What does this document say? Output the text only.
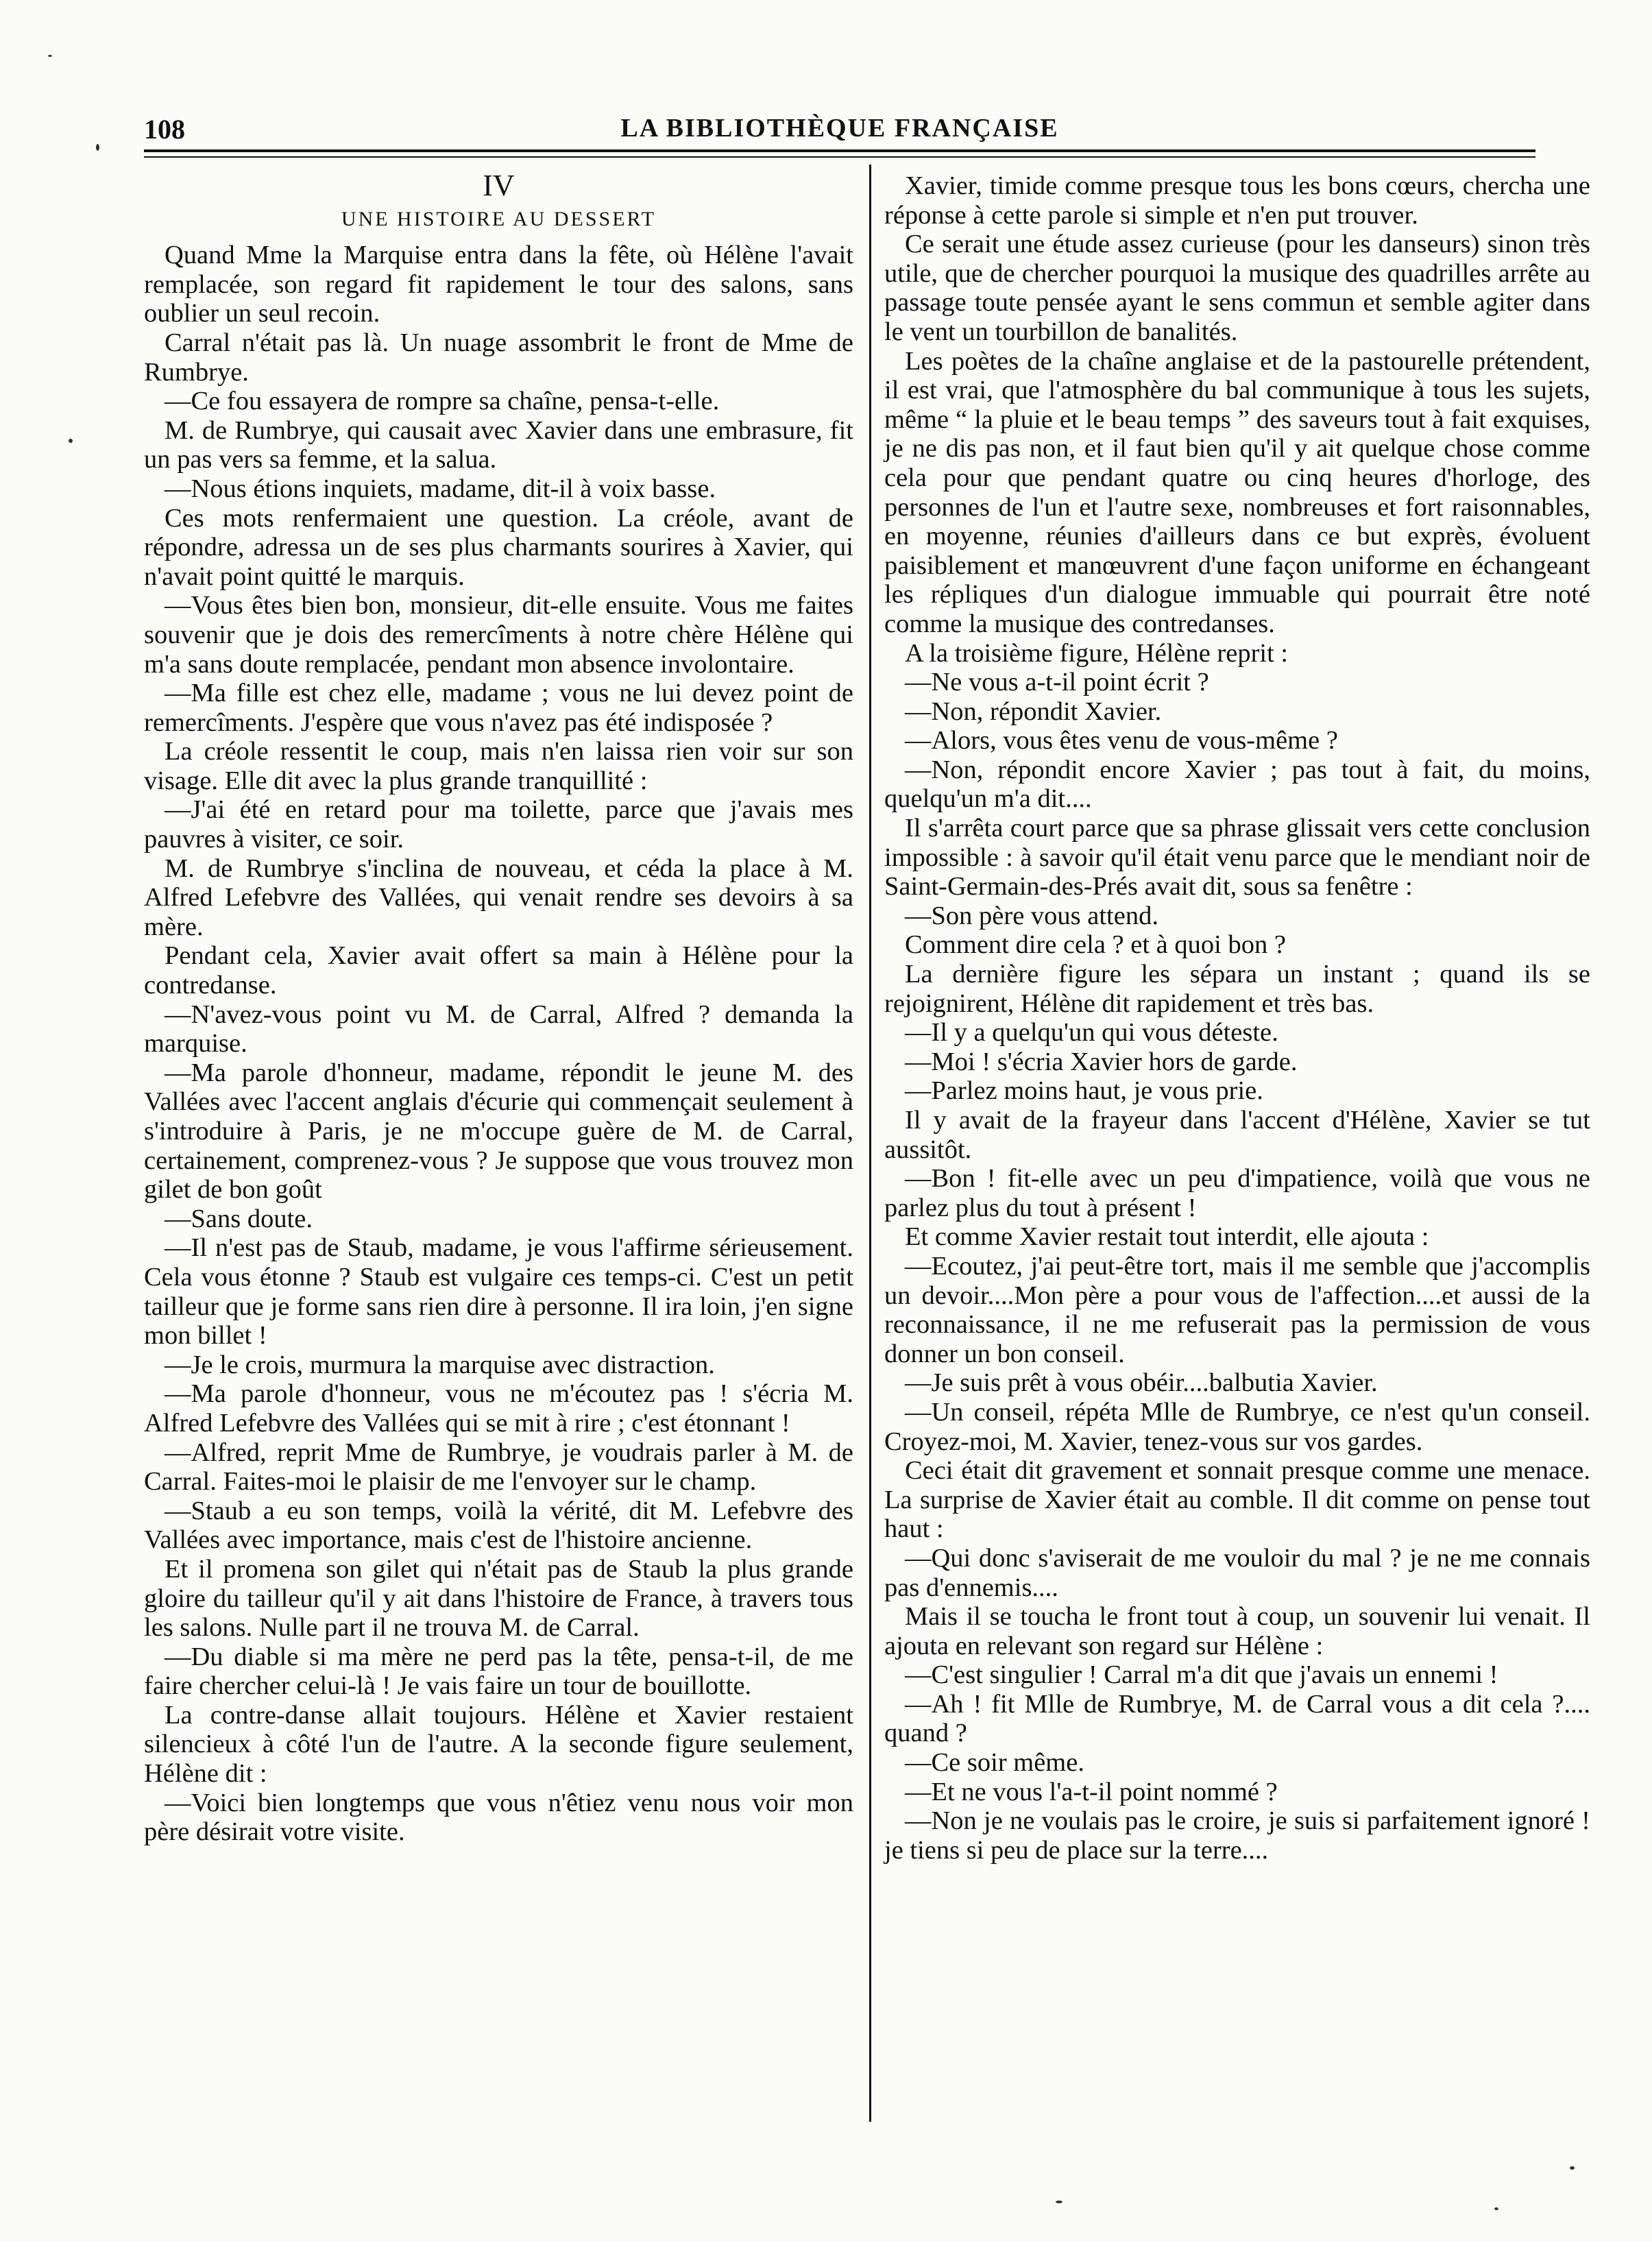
108	LA BIBLIOTHÈQUE FRANÇAISE
IV
UNE HISTOIRE AU DESSERT

Quand Mme la Marquise entra dans la fête, où Hélène l'avait remplacée, son regard fit rapidement le tour des salons, sans oublier un seul recoin.

Carral n'était pas là. Un nuage assombrit le front de Mme de Rumbrye.

—Ce fou essayera de rompre sa chaîne, pensa-t-elle.

M. de Rumbrye, qui causait avec Xavier dans une embrasure, fit un pas vers sa femme, et la salua.

—Nous étions inquiets, madame, dit-il à voix basse.

Ces mots renfermaient une question. La créole, avant de répondre, adressa un de ses plus charmants sourires à Xavier, qui n'avait point quitté le marquis.

—Vous êtes bien bon, monsieur, dit-elle ensuite. Vous me faites souvenir que je dois des remercîments à notre chère Hélène qui m'a sans doute remplacée, pendant mon absence involontaire.

—Ma fille est chez elle, madame ; vous ne lui devez point de remercîments. J'espère que vous n'avez pas été indisposée ?

La créole ressentit le coup, mais n'en laissa rien voir sur son visage. Elle dit avec la plus grande tranquillité :

—J'ai été en retard pour ma toilette, parce que j'avais mes pauvres à visiter, ce soir.

M. de Rumbrye s'inclina de nouveau, et céda la place à M. Alfred Lefebvre des Vallées, qui venait rendre ses devoirs à sa mère.

Pendant cela, Xavier avait offert sa main à Hélène pour la contredanse.

—N'avez-vous point vu M. de Carral, Alfred ? demanda la marquise.

—Ma parole d'honneur, madame, répondit le jeune M. des Vallées avec l'accent anglais d'écurie qui commençait seulement à s'introduire à Paris, je ne m'occupe guère de M. de Carral, certainement, comprenez-vous ? Je suppose que vous trouvez mon gilet de bon goût

—Sans doute.

—Il n'est pas de Staub, madame, je vous l'affirme sérieusement. Cela vous étonne ? Staub est vulgaire ces temps-ci. C'est un petit tailleur que je forme sans rien dire à personne. Il ira loin, j'en signe mon billet !

—Je le crois, murmura la marquise avec distraction.

—Ma parole d'honneur, vous ne m'écoutez pas ! s'écria M. Alfred Lefebvre des Vallées qui se mit à rire ; c'est étonnant !

—Alfred, reprit Mme de Rumbrye, je voudrais parler à M. de Carral. Faites-moi le plaisir de me l'envoyer sur le champ.

—Staub a eu son temps, voilà la vérité, dit M. Lefebvre des Vallées avec importance, mais c'est de l'histoire ancienne.

Et il promena son gilet qui n'était pas de Staub la plus grande gloire du tailleur qu'il y ait dans l'histoire de France, à travers tous les salons. Nulle part il ne trouva M. de Carral.

—Du diable si ma mère ne perd pas la tête, pensa-t-il, de me faire chercher celui-là ! Je vais faire un tour de bouillotte.

La contre-danse allait toujours. Hélène et Xavier restaient silencieux à côté l'un de l'autre. A la seconde figure seulement, Hélène dit :

—Voici bien longtemps que vous n'êtiez venu nous voir mon père désirait votre visite.

Xavier, timide comme presque tous les bons cœurs, chercha une réponse à cette parole si simple et n'en put trouver.

Ce serait une étude assez curieuse (pour les danseurs) sinon très utile, que de chercher pourquoi la musique des quadrilles arrête au passage toute pensée ayant le sens commun et semble agiter dans le vent un tourbillon de banalités.

Les poètes de la chaîne anglaise et de la pastourelle prétendent, il est vrai, que l'atmosphère du bal communique à tous les sujets, même “ la pluie et le beau temps ” des saveurs tout à fait exquises, je ne dis pas non, et il faut bien qu'il y ait quelque chose comme cela pour que pendant quatre ou cinq heures d'horloge, des personnes de l'un et l'autre sexe, nombreuses et fort raisonnables, en moyenne, réunies d'ailleurs dans ce but exprès, évoluent paisiblement et manœuvrent d'une façon uniforme en échangeant les répliques d'un dialogue immuable qui pourrait être noté comme la musique des contredanses.

A la troisième figure, Hélène reprit :

—Ne vous a-t-il point écrit ?

—Non, répondit Xavier.

—Alors, vous êtes venu de vous-même ?

—Non, répondit encore Xavier ; pas tout à fait, du moins, quelqu'un m'a dit....

Il s'arrêta court parce que sa phrase glissait vers cette conclusion impossible : à savoir qu'il était venu parce que le mendiant noir de Saint-Germain-des-Prés avait dit, sous sa fenêtre :

—Son père vous attend.

Comment dire cela ? et à quoi bon ?

La dernière figure les sépara un instant ; quand ils se rejoignirent, Hélène dit rapidement et très bas.

—Il y a quelqu'un qui vous déteste.

—Moi ! s'écria Xavier hors de garde.

—Parlez moins haut, je vous prie.

Il y avait de la frayeur dans l'accent d'Hélène, Xavier se tut aussitôt.

—Bon ! fit-elle avec un peu d'impatience, voilà que vous ne parlez plus du tout à présent !

Et comme Xavier restait tout interdit, elle ajouta :

—Ecoutez, j'ai peut-être tort, mais il me semble que j'accomplis un devoir....Mon père a pour vous de l'affection....et aussi de la reconnaissance, il ne me refuserait pas la permission de vous donner un bon conseil.

—Je suis prêt à vous obéir....balbutia Xavier.

—Un conseil, répéta Mlle de Rumbrye, ce n'est qu'un conseil. Croyez-moi, M. Xavier, tenez-vous sur vos gardes.

Ceci était dit gravement et sonnait presque comme une menace. La surprise de Xavier était au comble. Il dit comme on pense tout haut :

—Qui donc s'aviserait de me vouloir du mal ? je ne me connais pas d'ennemis....

Mais il se toucha le front tout à coup, un souvenir lui venait. Il ajouta en relevant son regard sur Hélène :

—C'est singulier ! Carral m'a dit que j'avais un ennemi !

—Ah ! fit Mlle de Rumbrye, M. de Carral vous a dit cela ?.... quand ?

—Ce soir même.

—Et ne vous l'a-t-il point nommé ?

—Non je ne voulais pas le croire, je suis si parfaitement ignoré ! je tiens si peu de place sur la terre....
